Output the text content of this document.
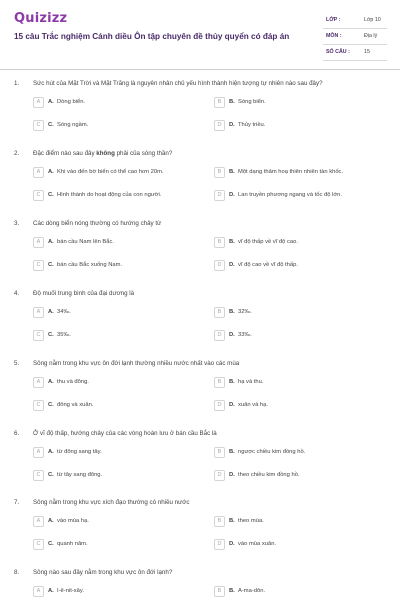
Quizizz
15 câu Trắc nghiệm Cánh diều Ôn tập chuyên đề thủy quyển có đáp án
LỚP :	Lớp 10
MÔN :	Địa lý
SỐ CÂU :	15
1. Sức hút của Mặt Trời và Mặt Trăng là nguyên nhân chủ yếu hình thành hiện tượng tự nhiên nào sau đây?
A	A. Dòng biển.	B	B. Sóng biển.
C	C. Sóng ngầm.	D	D. Thủy triều.
2. Đặc điểm nào sau đây không phải của sóng thần?
A	A. Khi vào đến bờ biển có thể cao hơn 20m.	B	B. Một dạng thảm hoạ thiên nhiên tàn khốc.
C	C. Hình thành do hoạt động của con người.	D	D. Lan truyền phương ngang và tốc độ lớn.
3. Các dòng biển nóng thường có hướng chảy từ
A	A. bán cầu Nam lên Bắc.	B	B. vĩ độ thấp về vĩ độ cao.
C	C. bán cầu Bắc xuống Nam.	D	D. vĩ độ cao về vĩ độ thấp.
4. Độ muối trung bình của đại dương là
A	A. 34‰.	B	B. 32‰.
C	C. 35‰.	D	D. 33‰.
5. Sông nằm trong khu vực ôn đới lạnh thường nhiều nước nhất vào các mùa
A	A. thu và đông.	B	B. hạ và thu.
C	C. đông và xuân.	D	D. xuân và hạ.
6. Ở vĩ độ thấp, hướng chảy của các vòng hoàn lưu ở bán cầu Bắc là
A	A. từ đông sang tây.	B	B. ngược chiều kim đồng hồ.
C	C. từ tây sang đông.	D	D. theo chiều kim đồng hồ.
7. Sông nằm trong khu vực xích đạo thường có nhiều nước
A	A. vào mùa hạ.	B	B. theo mùa.
C	C. quanh năm.	D	D. vào mùa xuân.
8. Sông nào sau đây nằm trong khu vực ôn đới lạnh?
A	A. I-ê-nit-xây.	B	B. A-ma-dôn.
